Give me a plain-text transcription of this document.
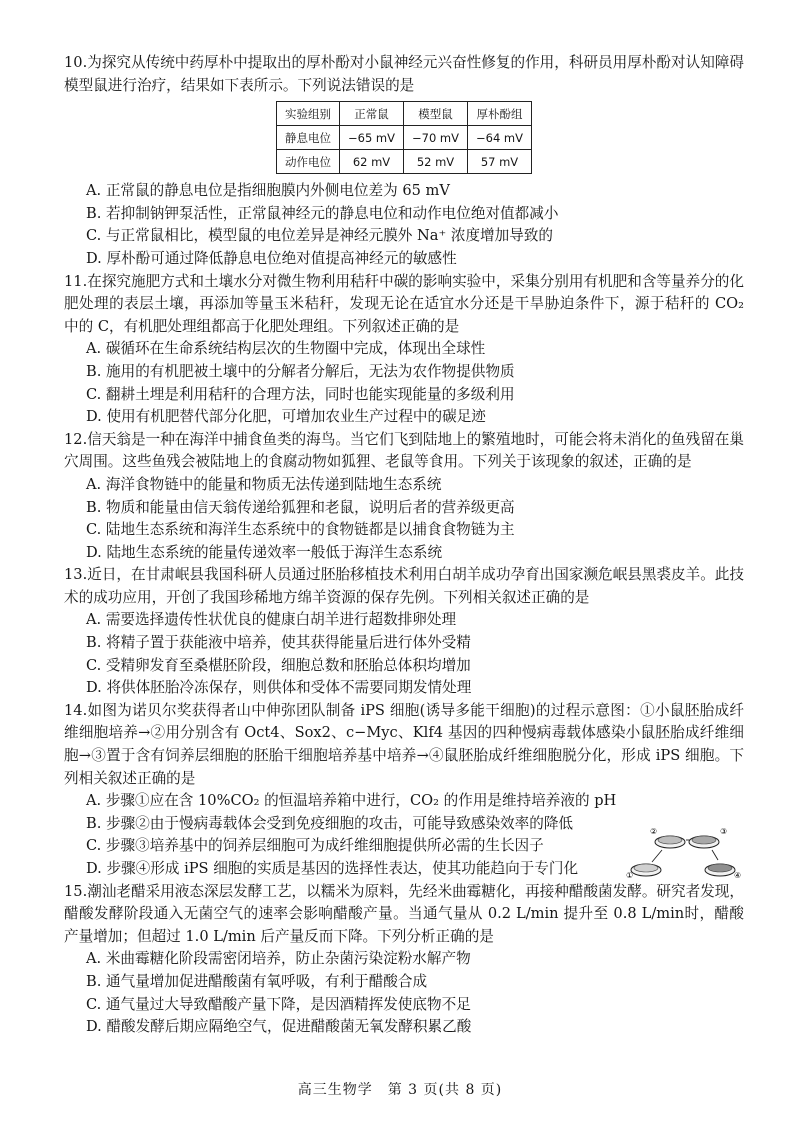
10.为探究从传统中药厚朴中提取出的厚朴酚对小鼠神经元兴奋性修复的作用，科研员用厚朴酚对认知障碍模型鼠进行治疗，结果如下表所示。下列说法错误的是

实验组别	正常鼠	模型鼠	厚朴酚组
静息电位	−65 mV	−70 mV	−64 mV
动作电位	62 mV	52 mV	57 mV

A. 正常鼠的静息电位是指细胞膜内外侧电位差为 65 mV

B. 若抑制钠钾泵活性，正常鼠神经元的静息电位和动作电位绝对值都减小

C. 与正常鼠相比，模型鼠的电位差异是神经元膜外 Na⁺ 浓度增加导致的

D. 厚朴酚可通过降低静息电位绝对值提高神经元的敏感性

11.在探究施肥方式和土壤水分对微生物利用秸秆中碳的影响实验中，采集分别用有机肥和含等量养分的化肥处理的表层土壤，再添加等量玉米秸秆，发现无论在适宜水分还是干旱胁迫条件下，源于秸秆的 CO₂ 中的 C，有机肥处理组都高于化肥处理组。下列叙述正确的是

A. 碳循环在生命系统结构层次的生物圈中完成，体现出全球性

B. 施用的有机肥被土壤中的分解者分解后，无法为农作物提供物质

C. 翻耕土埋是利用秸秆的合理方法，同时也能实现能量的多级利用

D. 使用有机肥替代部分化肥，可增加农业生产过程中的碳足迹

12.信天翁是一种在海洋中捕食鱼类的海鸟。当它们飞到陆地上的繁殖地时，可能会将未消化的鱼残留在巢穴周围。这些鱼残会被陆地上的食腐动物如狐狸、老鼠等食用。下列关于该现象的叙述，正确的是

A. 海洋食物链中的能量和物质无法传递到陆地生态系统

B. 物质和能量由信天翁传递给狐狸和老鼠，说明后者的营养级更高

C. 陆地生态系统和海洋生态系统中的食物链都是以捕食食物链为主

D. 陆地生态系统的能量传递效率一般低于海洋生态系统

13.近日，在甘肃岷县我国科研人员通过胚胎移植技术利用白胡羊成功孕育出国家濒危岷县黑裘皮羊。此技术的成功应用，开创了我国珍稀地方绵羊资源的保存先例。下列相关叙述正确的是

A. 需要选择遗传性状优良的健康白胡羊进行超数排卵处理

B. 将精子置于获能液中培养，使其获得能量后进行体外受精

C. 受精卵发育至桑椹胚阶段，细胞总数和胚胎总体积均增加

D. 将供体胚胎冷冻保存，则供体和受体不需要同期发情处理

14.如图为诺贝尔奖获得者山中伸弥团队制备 iPS 细胞(诱导多能干细胞)的过程示意图：①小鼠胚胎成纤维细胞培养→②用分别含有 Oct4、Sox2、c−Myc、Klf4 基因的四种慢病毒载体感染小鼠胚胎成纤维细胞→③置于含有饲养层细胞的胚胎干细胞培养基中培养→④鼠胚胎成纤维细胞脱分化，形成 iPS 细胞。下列相关叙述正确的是

A. 步骤①应在含 10%CO₂ 的恒温培养箱中进行，CO₂ 的作用是维持培养液的 pH

B. 步骤②由于慢病毒载体会受到免疫细胞的攻击，可能导致感染效率的降低

C. 步骤③培养基中的饲养层细胞可为成纤维细胞提供所必需的生长因子

D. 步骤④形成 iPS 细胞的实质是基因的选择性表达，使其功能趋向于专门化	①
②	③
④

15.潮汕老醋采用液态深层发酵工艺，以糯米为原料，先经米曲霉糖化，再接种醋酸菌发酵。研究者发现，醋酸发酵阶段通入无菌空气的速率会影响醋酸产量。当通气量从 0.2 L/min 提升至 0.8 L/min时，醋酸产量增加；但超过 1.0 L/min 后产量反而下降。下列分析正确的是

A. 米曲霉糖化阶段需密闭培养，防止杂菌污染淀粉水解产物

B. 通气量增加促进醋酸菌有氧呼吸，有利于醋酸合成

C. 通气量过大导致醋酸产量下降，是因酒精挥发使底物不足

D. 醋酸发酵后期应隔绝空气，促进醋酸菌无氧发酵积累乙酸

高三生物学　第 3 页(共 8 页)
